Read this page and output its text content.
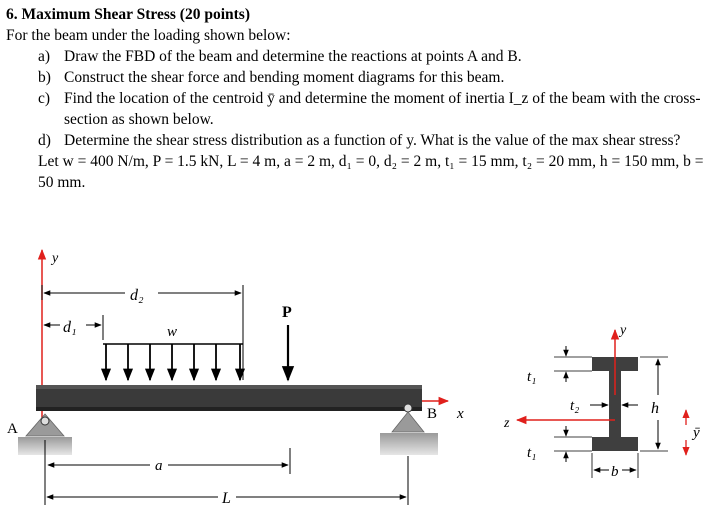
6. Maximum Shear Stress (20 points)
For the beam under the loading shown below:
a) Draw the FBD of the beam and determine the reactions at points A and B.
b) Construct the shear force and bending moment diagrams for this beam.
c) Find the location of the centroid ȳ and determine the moment of inertia I_z of the beam with the cross-section as shown below.
d) Determine the shear stress distribution as a function of y. What is the value of the max shear stress?
Let w = 400 N/m, P = 1.5 kN, L = 4 m, a = 2 m, d₁ = 0, d₂ = 2 m, t₁ = 15 mm, t₂ = 20 mm, h = 150 mm, b = 50 mm.
y
d₂
d₁	w
P
A
B x
a
L
y
z
t₁
t₁
t₂	h
ȳ
b
